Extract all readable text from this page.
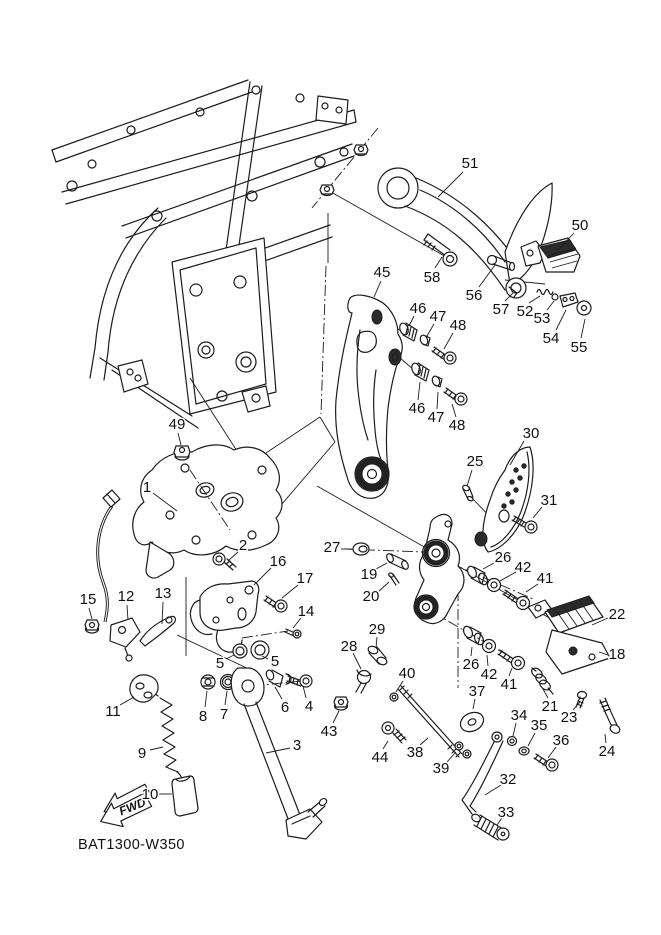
FWD
BAT1300-W350
51
58
50
56
57 52 53
54
55
45
46 47
48
46
47 48	30
25
31
49
1
2
16
17
27
15 12 13
14
19
20
26
42
41
22
18
29
28
26
42
41
40
37
21
23
34
35
36
24
43
44 38
39
32
33
5	5
8 7	6 4
11
9	3
10
